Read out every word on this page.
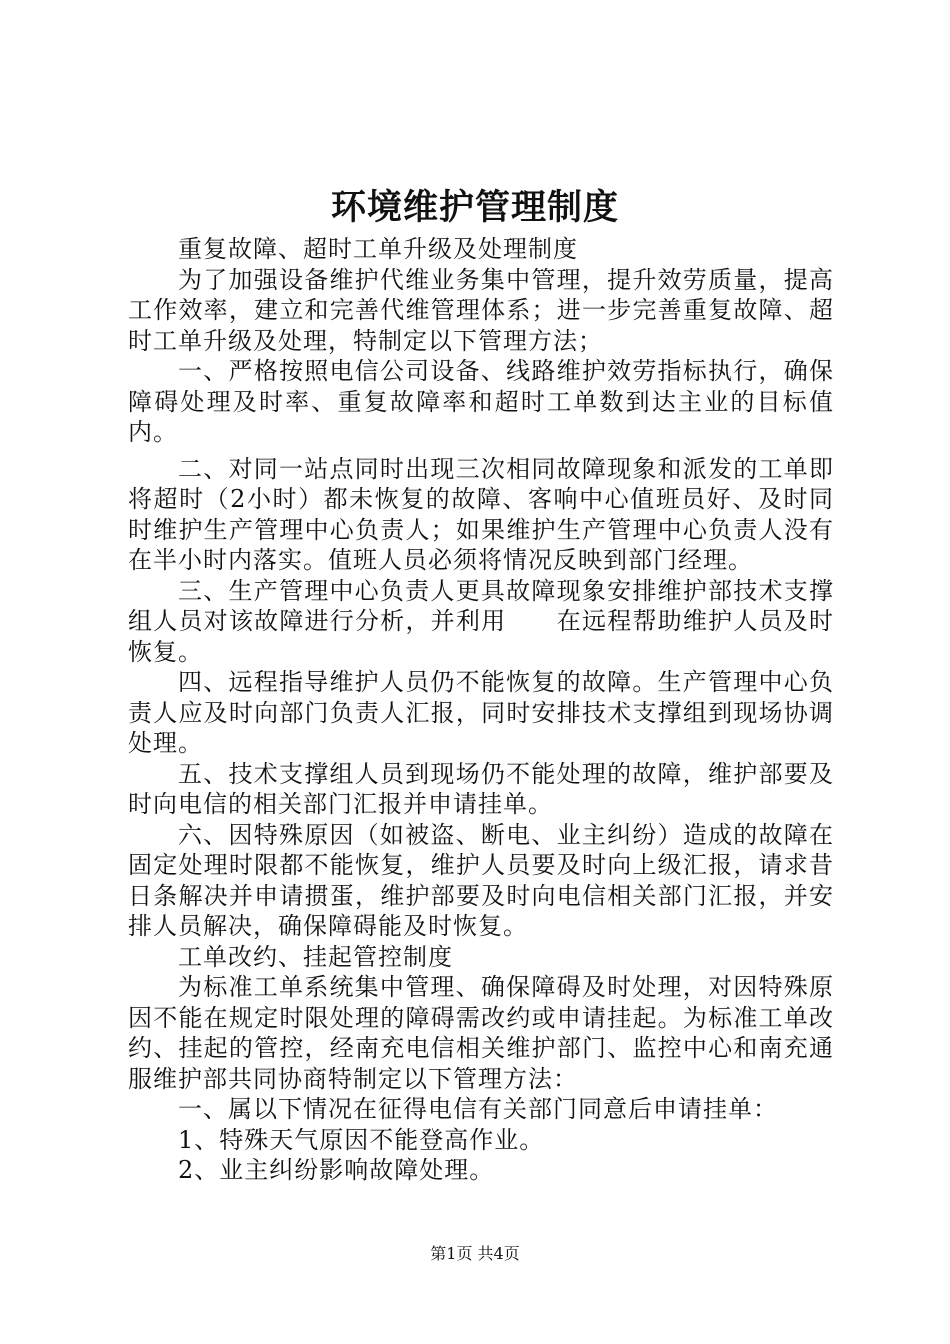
环境维护管理制度

重复故障、超时工单升级及处理制度

为了加强设备维护代维业务集中管理，提升效劳质量，提高工作效率，建立和完善代维管理体系；进一步完善重复故障、超时工单升级及处理，特制定以下管理方法；

一、严格按照电信公司设备、线路维护效劳指标执行，确保障碍处理及时率、重复故障率和超时工单数到达主业的目标值内。

二、对同一站点同时出现三次相同故障现象和派发的工单即将超时（2小时）都未恢复的故障、客响中心值班员好、及时同时维护生产管理中心负责人；如果维护生产管理中心负责人没有在半小时内落实。值班人员必须将情况反映到部门经理。

三、生产管理中心负责人更具故障现象安排维护部技术支撑组人员对该故障进行分析，并利用　　在远程帮助维护人员及时恢复。

四、远程指导维护人员仍不能恢复的故障。生产管理中心负责人应及时向部门负责人汇报，同时安排技术支撑组到现场协调处理。

五、技术支撑组人员到现场仍不能处理的故障，维护部要及时向电信的相关部门汇报并申请挂单。

六、因特殊原因（如被盗、断电、业主纠纷）造成的故障在固定处理时限都不能恢复，维护人员要及时向上级汇报，请求昔日条解决并申请掼蛋，维护部要及时向电信相关部门汇报，并安排人员解决，确保障碍能及时恢复。

工单改约、挂起管控制度

为标准工单系统集中管理、确保障碍及时处理，对因特殊原因不能在规定时限处理的障碍需改约或申请挂起。为标准工单改约、挂起的管控，经南充电信相关维护部门、监控中心和南充通服维护部共同协商特制定以下管理方法：

一、属以下情况在征得电信有关部门同意后申请挂单：

1、特殊天气原因不能登高作业。

2、业主纠纷影响故障处理。

第1页 共4页
